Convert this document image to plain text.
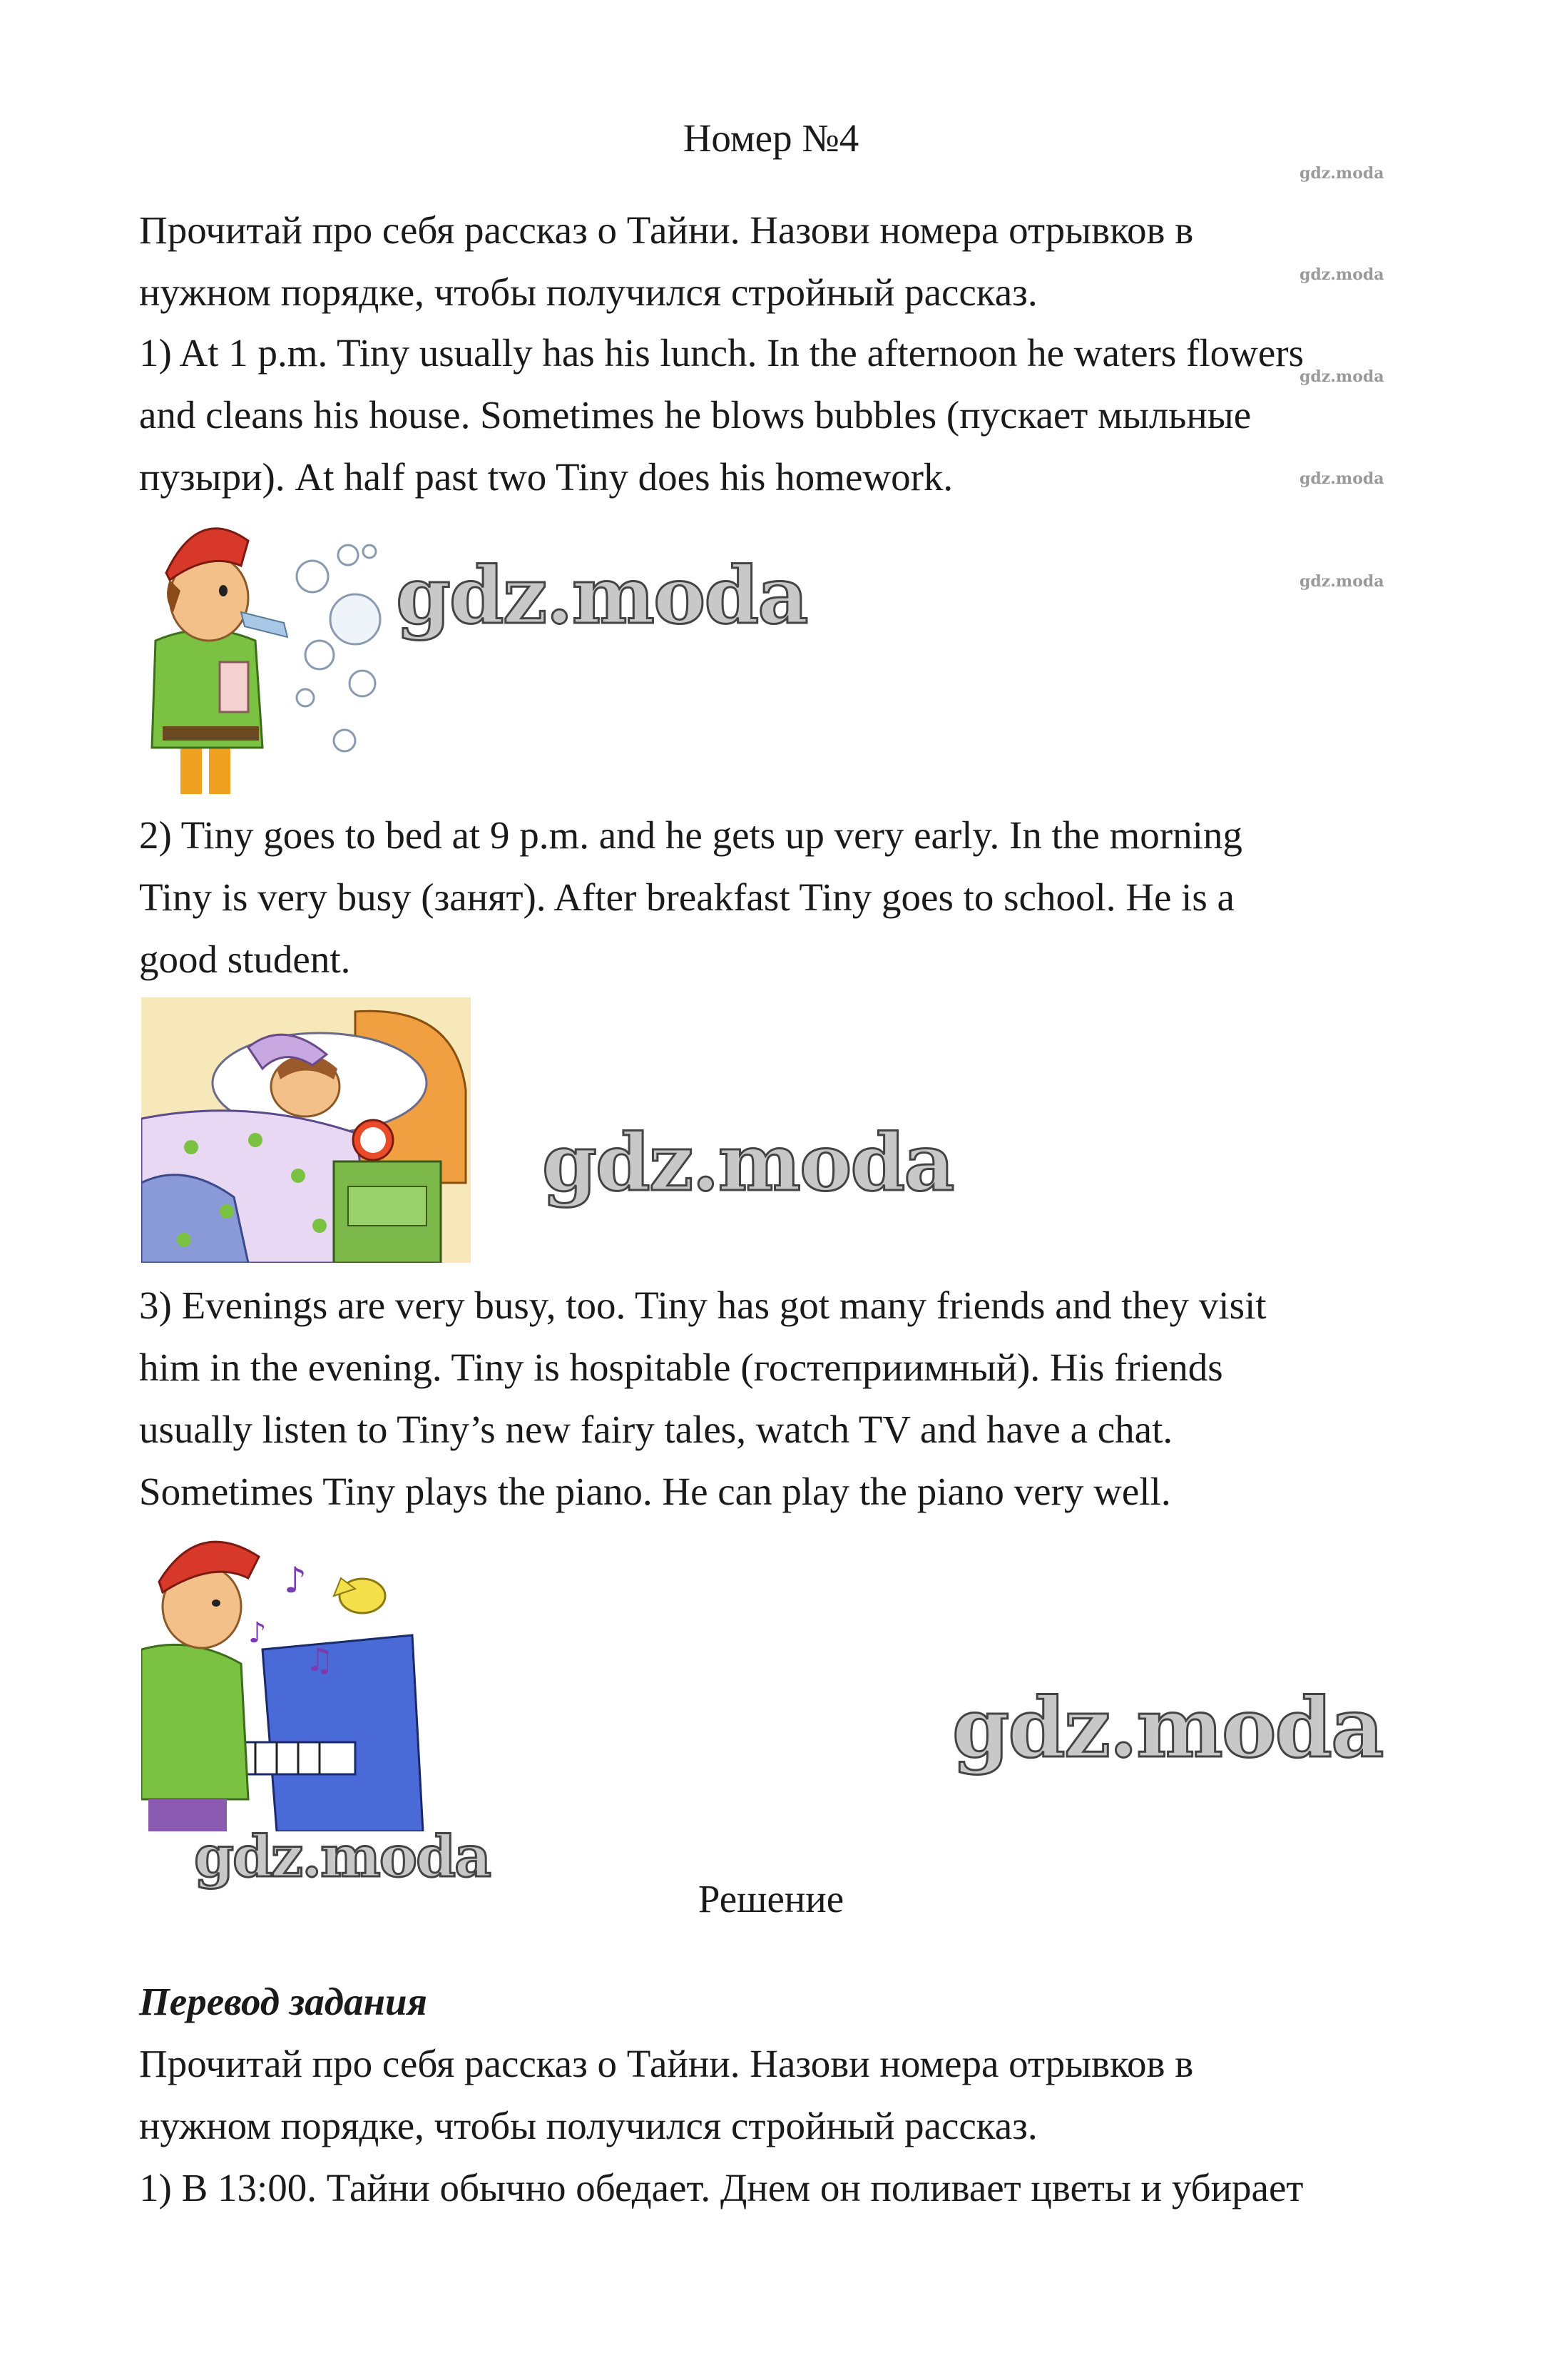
Номер №4

Прочитай про себя рассказ о Тайни. Назови номера отрывков в

нужном порядке, чтобы получился стройный рассказ.

1) At 1 p.m. Tiny usually has his lunch. In the afternoon he waters flowers

and cleans his house. Sometimes he blows bubbles (пускает мыльные

пузыри). At half past two Tiny does his homework.

2) Tiny goes to bed at 9 p.m. and he gets up very early. In the morning

Tiny is very busy (занят). After breakfast Tiny goes to school. He is a

good student.

3) Evenings are very busy, too. Tiny has got many friends and they visit

him in the evening. Tiny is hospitable (гостеприимный). His friends

usually listen to Tiny’s new fairy tales, watch TV and have a chat.

Sometimes Tiny plays the piano. He can play the piano very well.

♪
♫
♪

Решение

Перевод задания

Прочитай про себя рассказ о Тайни. Назови номера отрывков в

нужном порядке, чтобы получился стройный рассказ.

1) В 13:00. Тайни обычно обедает. Днем он поливает цветы и убирает

gdz.moda
gdz.moda
gdz.moda
gdz.moda
gdz.moda
gdz.moda
gdz.moda
gdz.moda
gdz.moda
